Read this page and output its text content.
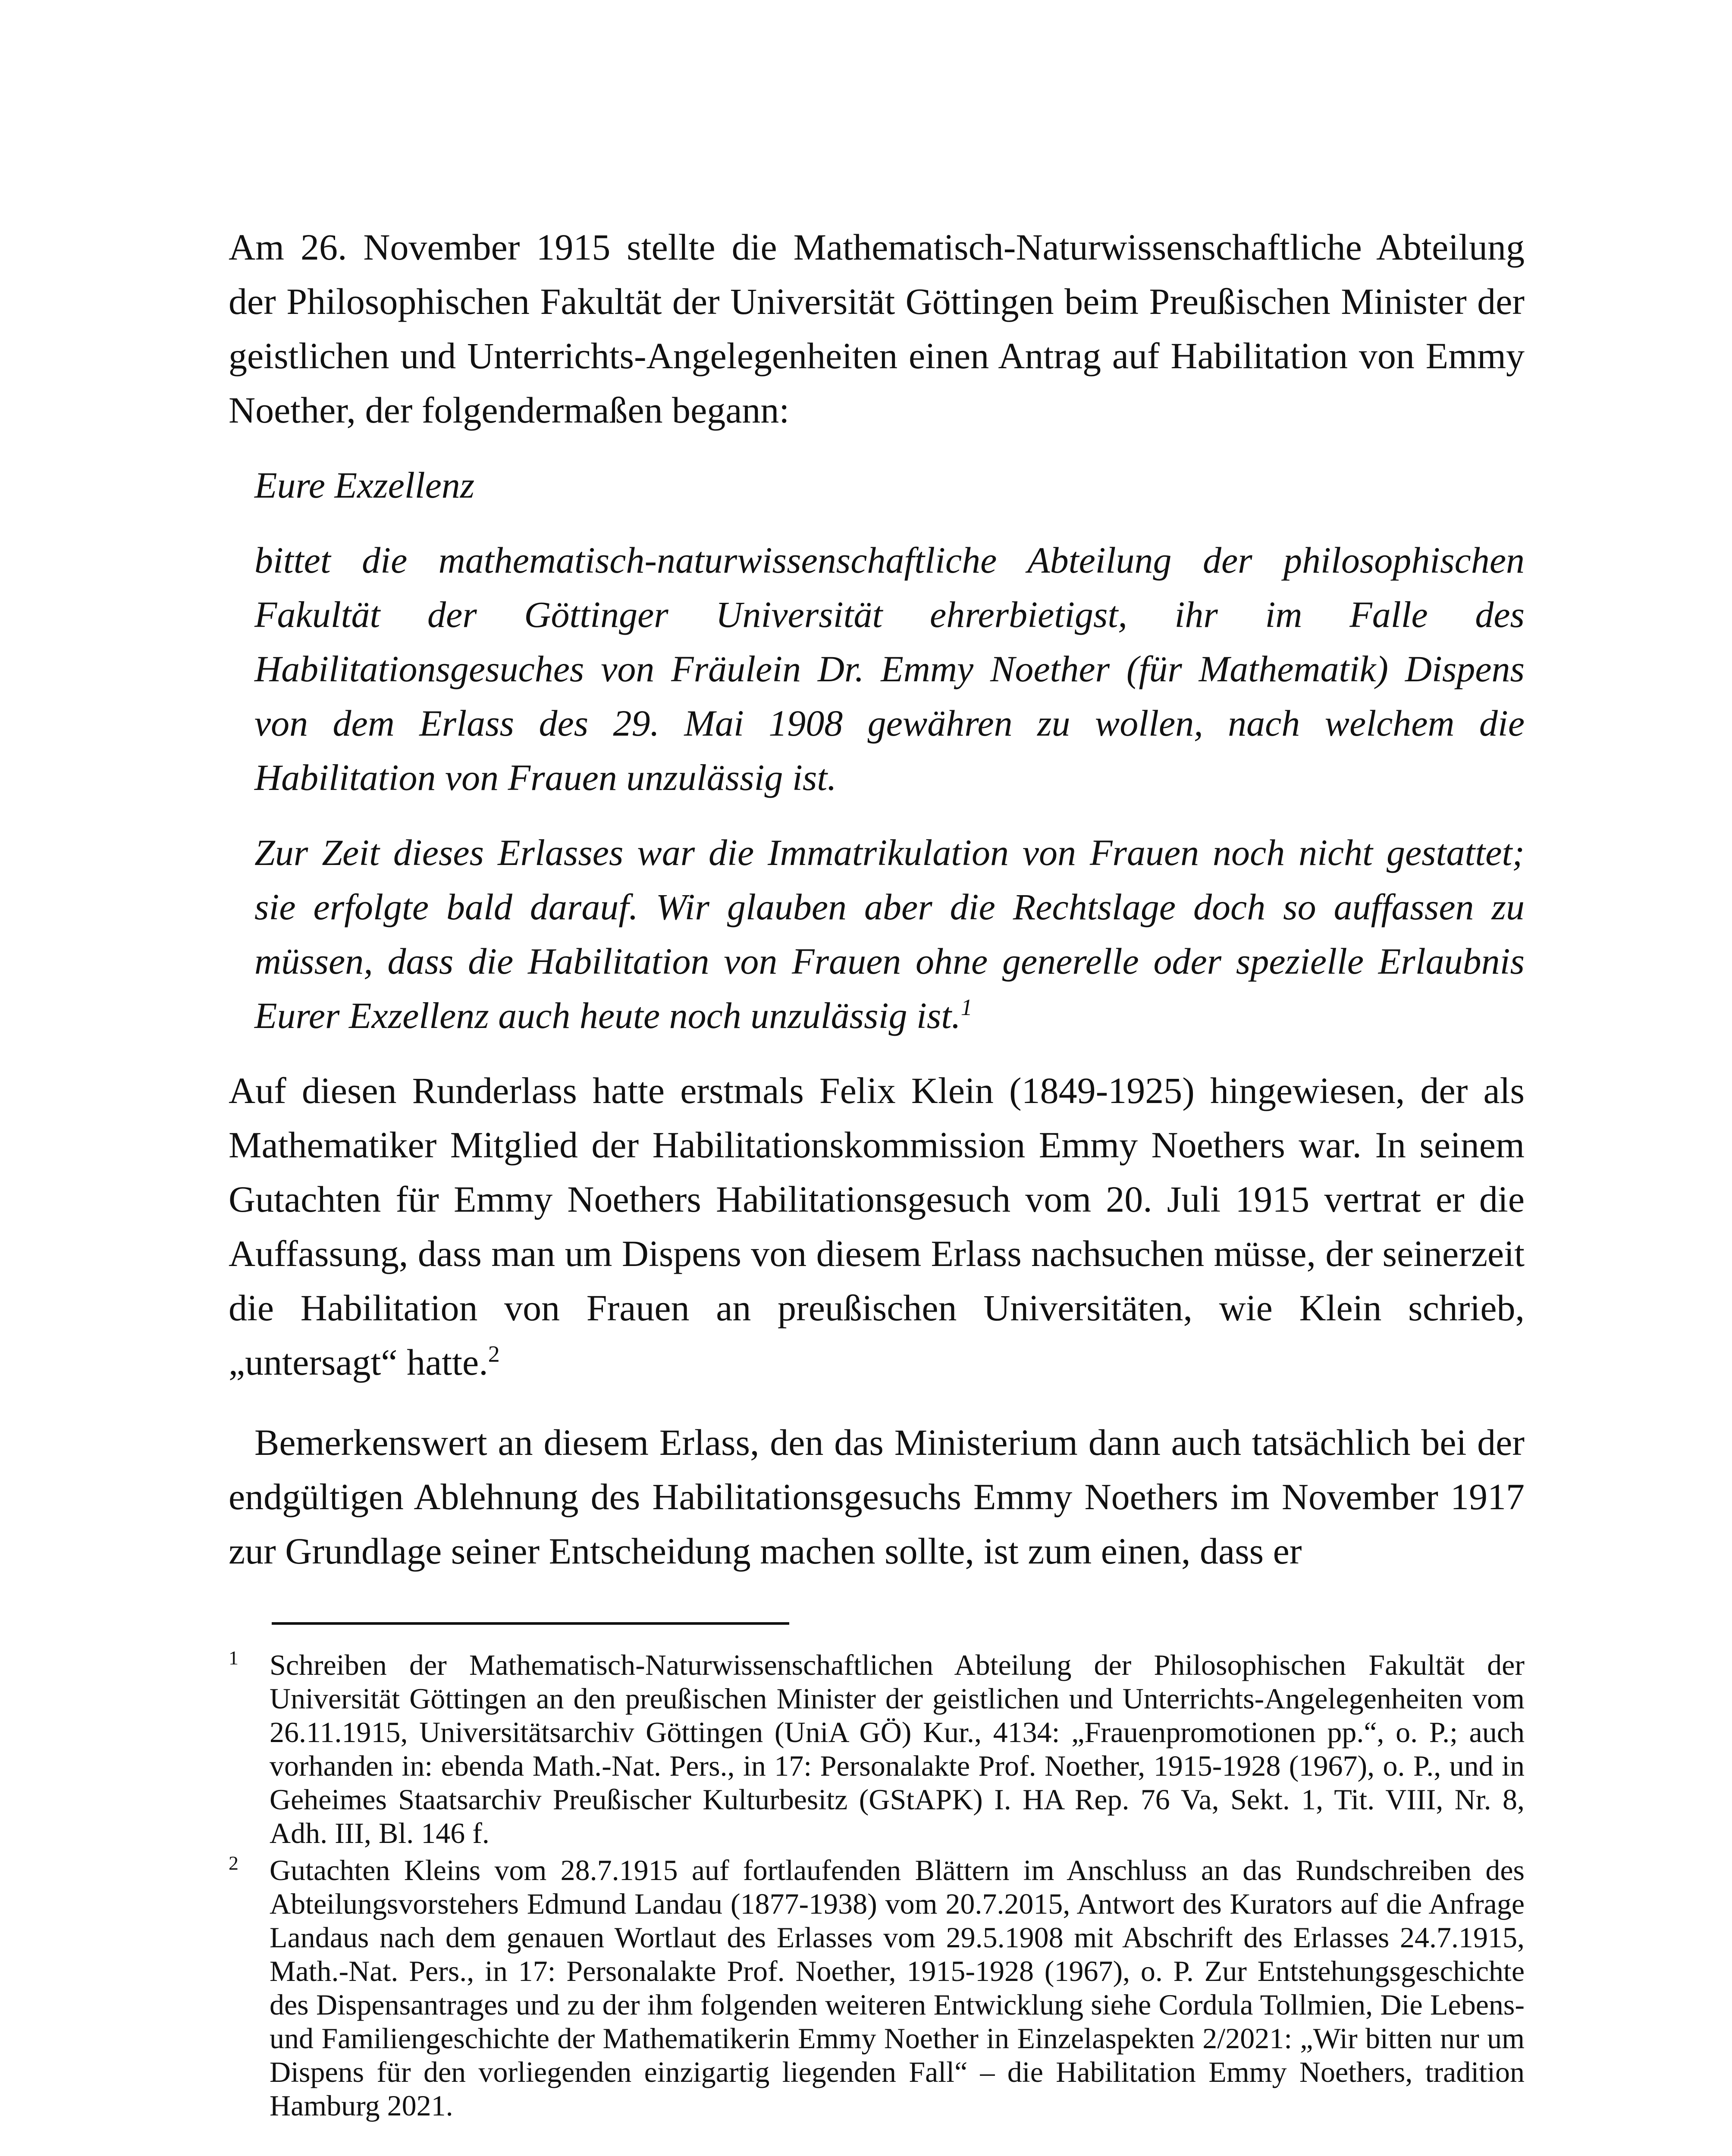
Am 26. November 1915 stellte die Mathematisch-Naturwissenschaftliche Abteilung der Philosophischen Fakultät der Universität Göttingen beim Preußischen Minister der geistlichen und Unterrichts-Angelegenheiten einen Antrag auf Habilitation von Emmy Noether, der folgendermaßen begann:

Eure Exzellenz

bittet die mathematisch-naturwissenschaftliche Abteilung der philosophischen Fakultät der Göttinger Universität ehrerbietigst, ihr im Falle des Habilitationsgesuches von Fräulein Dr. Emmy Noether (für Mathematik) Dispens von dem Erlass des 29. Mai 1908 gewähren zu wollen, nach welchem die Habilitation von Frauen unzulässig ist.

Zur Zeit dieses Erlasses war die Immatrikulation von Frauen noch nicht gestattet; sie erfolgte bald darauf. Wir glauben aber die Rechtslage doch so auffassen zu müssen, dass die Habilitation von Frauen ohne generelle oder spezielle Erlaubnis Eurer Exzellenz auch heute noch unzulässig ist.$^1$

Auf diesen Runderlass hatte erstmals Felix Klein (1849-1925) hingewiesen, der als Mathematiker Mitglied der Habilitationskommission Emmy Noethers war. In seinem Gutachten für Emmy Noethers Habilitationsgesuch vom 20. Juli 1915 vertrat er die Auffassung, dass man um Dispens von diesem Erlass nachsuchen müsse, der seinerzeit die Habilitation von Frauen an preußischen Universitäten, wie Klein schrieb, „untersagt“ hatte.$^2$

Bemerkenswert an diesem Erlass, den das Ministerium dann auch tatsächlich bei der endgültigen Ablehnung des Habilitationsgesuchs Emmy Noethers im November 1917 zur Grundlage seiner Entscheidung machen sollte, ist zum einen, dass er

1 Schreiben der Mathematisch-Naturwissenschaftlichen Abteilung der Philosophischen Fakultät der Universität Göttingen an den preußischen Minister der geistlichen und Unterrichts-Angelegenheiten vom 26.11.1915, Universitätsarchiv Göttingen (UniA GÖ) Kur., 4134: „Frauenpromotionen pp.“, o. P.; auch vorhanden in: ebenda Math.-Nat. Pers., in 17: Personalakte Prof. Noether, 1915-1928 (1967), o. P., und in Geheimes Staatsarchiv Preußischer Kulturbesitz (GStAPK) I. HA Rep. 76 Va, Sekt. 1, Tit. VIII, Nr. 8, Adh. III, Bl. 146 f.
2 Gutachten Kleins vom 28.7.1915 auf fortlaufenden Blättern im Anschluss an das Rundschreiben des Abteilungsvorstehers Edmund Landau (1877-1938) vom 20.7.2015, Antwort des Kurators auf die Anfrage Landaus nach dem genauen Wortlaut des Erlasses vom 29.5.1908 mit Abschrift des Erlasses 24.7.1915, Math.-Nat. Pers., in 17: Personalakte Prof. Noether, 1915-1928 (1967), o. P. Zur Entstehungsgeschichte des Dispensantrages und zu der ihm folgenden weiteren Entwicklung siehe Cordula Tollmien, Die Lebens- und Familiengeschichte der Mathematikerin Emmy Noether in Einzelaspekten 2/2021: „Wir bitten nur um Dispens für den vorliegenden einzigartig liegenden Fall“ – die Habilitation Emmy Noethers, tradition Hamburg 2021.
